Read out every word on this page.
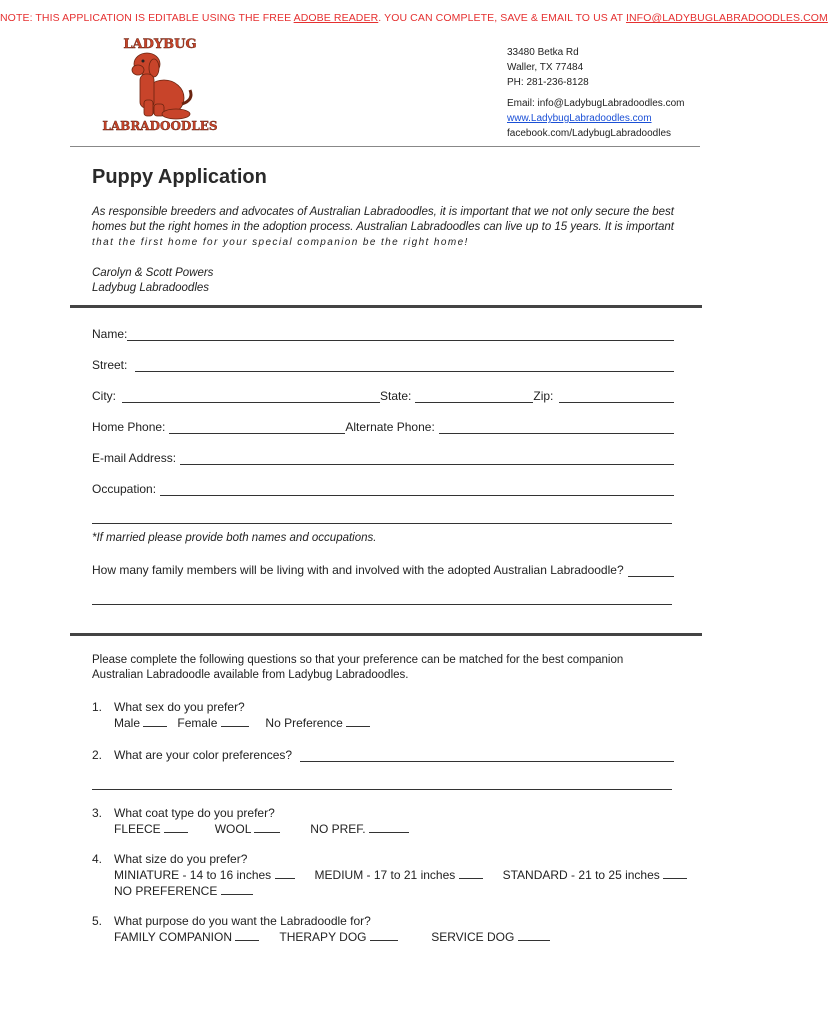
NOTE: THIS APPLICATION IS EDITABLE USING THE FREE ADOBE READER. YOU CAN COMPLETE, SAVE & EMAIL TO US AT INFO@LADYBUGLABRADOODLES.COM
LADYBUG
LABRADOODLES
33480 Betka Rd
Waller, TX 77484
PH: 281-236-8128
Email: info@LadybugLabradoodles.com
www.LadybugLabradoodles.com
facebook.com/LadybugLabradoodles
Puppy Application
As responsible breeders and advocates of Australian Labradoodles, it is important that we not only secure the best homes but the right homes in the adoption process. Australian Labradoodles can live up to 15 years. It is important
that the first home for your special companion be the right home!
Carolyn & Scott Powers
Ladybug Labradoodles
Name:
Street:
City:	State:	Zip:
Home Phone:	Alternate Phone:
E-mail Address:
Occupation:
*If married please provide both names and occupations.
How many family members will be living with and involved with the adopted Australian Labradoodle?
Please complete the following questions so that your preference can be matched for the best companion
Australian Labradoodle available from Ladybug Labradoodles.
1. What sex do you prefer?
Male	Female	No Preference
2. What are your color preferences?
3. What coat type do you prefer?
FLEECE	WOOL	NO PREF.
4. What size do you prefer?
MINIATURE - 14 to 16 inches	MEDIUM - 17 to 21 inches	STANDARD - 21 to 25 inches
NO PREFERENCE
5. What purpose do you want the Labradoodle for?
FAMILY COMPANION	THERAPY DOG	SERVICE DOG
